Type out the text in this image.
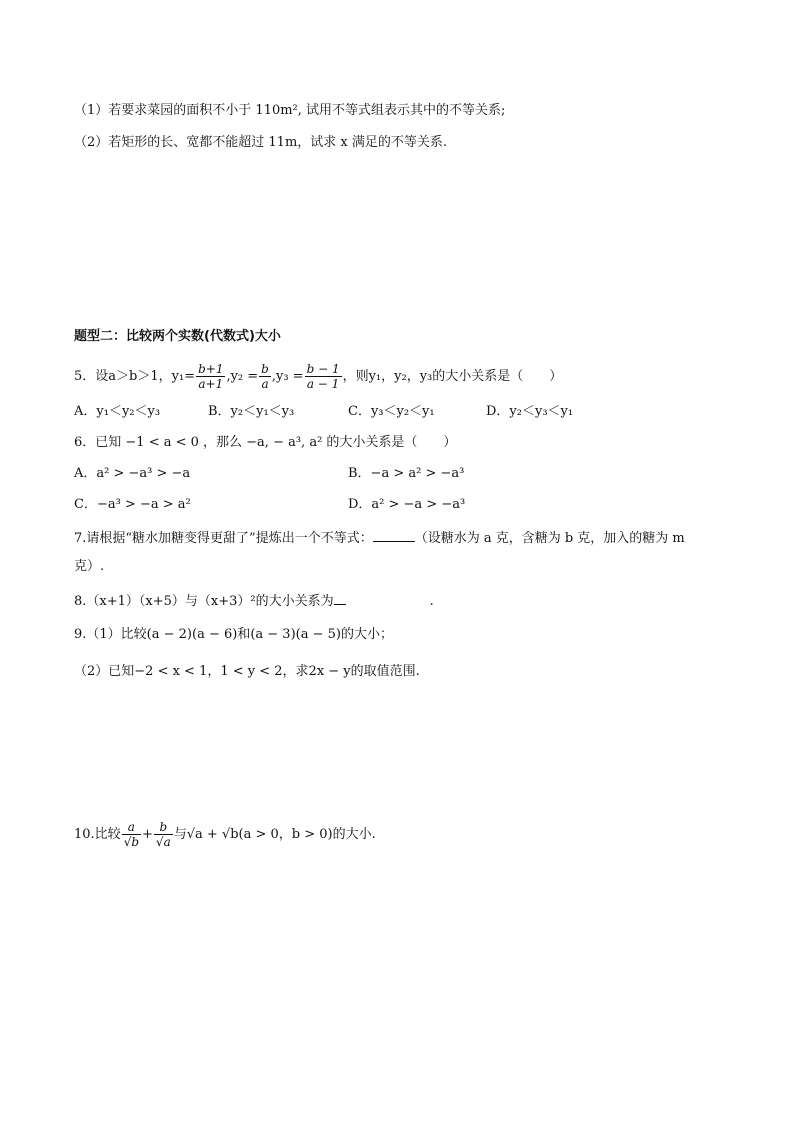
（1）若要求菜园的面积不小于 110m², 试用不等式组表示其中的不等关系;
（2）若矩形的长、宽都不能超过 11m，试求 x 满足的不等关系.
题型二：比较两个实数(代数式)大小
5．设a＞b＞1，$y_1= \frac{b+1}{a+1} ,y_2 = \frac{b}{a} ,y_3 = \frac{b - 1}{a - 1}$ ，则y₁，y₂，y₃的大小关系是（　　）
A．y₁＜y₂＜y₃	B．y₂＜y₁＜y₃	C．y₃＜y₂＜y₁	D．y₂＜y₃＜y₁
6．已知 −1 < a < 0 ，那么 −a, − a³, a² 的大小关系是（　　）
A．a² > −a³ > −a	B．−a > a² > −a³
C．−a³ > −a > a²	D．a² > −a > −a³
7.请根据“糖水加糖变得更甜了”提炼出一个不等式：	（设糖水为 a 克，含糖为 b 克，加入的糖为 m
克）.
8.（x+1）（x+5）与（x+3）²的大小关系为	.
9.（1）比较(a − 2)(a − 6)和(a − 3)(a − 5)的大小；
（2）已知−2 < x < 1，1 < y < 2，求2x − y的取值范围.
10.比较 $\frac{a}{√b} + \frac{b}{√a}$ 与√a + √b(a > 0，b > 0)的大小.
